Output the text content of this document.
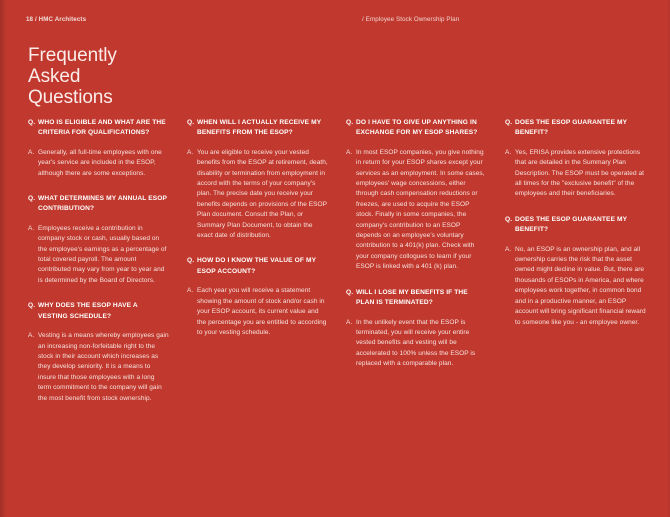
18 / HMC Architects	/ Employee Stock Ownership Plan
Frequently
Asked
Questions
Q. WHO IS ELIGIBLE AND WHAT ARE THE CRITERIA FOR QUALIFICATIONS?
A. Generally, all full-time employees with one year's service are included in the ESOP, although there are some exceptions.
Q. WHAT DETERMINES MY ANNUAL ESOP CONTRIBUTION?
A. Employees receive a contribution in company stock or cash, usually based on the employee's earnings as a percentage of total covered payroll. The amount contributed may vary from year to year and is determined by the Board of Directors.
Q. WHY DOES THE ESOP HAVE A VESTING SCHEDULE?
A. Vesting is a means whereby employees gain an increasing non-forfeitable right to the stock in their account which increases as they develop seniority. It is a means to insure that those employees with a long term commitment to the company will gain the most benefit from stock ownership.
Q. WHEN WILL I ACTUALLY RECEIVE MY BENEFITS FROM THE ESOP?
A. You are eligible to receive your vested benefits from the ESOP at retirement, death, disability or termination from employment in accord with the terms of your company's plan. The precise date you receive your benefits depends on provisions of the ESOP Plan document. Consult the Plan, or Summary Plan Document, to obtain the exact date of distribution.
Q. HOW DO I KNOW THE VALUE OF MY ESOP ACCOUNT?
A. Each year you will receive a statement showing the amount of stock and/or cash in your ESOP account, its current value and the percentage you are entitled to according to your vesting schedule.
Q. DO I HAVE TO GIVE UP ANYTHING IN EXCHANGE FOR MY ESOP SHARES?
A. In most ESOP companies, you give nothing in return for your ESOP shares except your services as an employment. In some cases, employees' wage concessions, either through cash compensation reductions or freezes, are used to acquire the ESOP stock. Finally in some companies, the company's contribution to an ESOP depends on an employee's voluntary contribution to a 401(k) plan. Check with your company collogues to learn if your ESOP is linked with a 401 (k) plan.
Q. WILL I LOSE MY BENEFITS IF THE PLAN IS TERMINATED?
A. In the unlikely event that the ESOP is terminated, you will receive your entire vested benefits and vesting will be accelerated to 100% unless the ESOP is replaced with a comparable plan.
Q. DOES THE ESOP GUARANTEE MY BENEFIT?
A. Yes, ERISA provides extensive protections that are detailed in the Summary Plan Description. The ESOP must be operated at all times for the "exclusive benefit" of the employees and their beneficiaries.
Q. DOES THE ESOP GUARANTEE MY BENEFIT?
A. No, an ESOP is an ownership plan, and all ownership carries the risk that the asset owned might decline in value. But, there are thousands of ESOPs in America, and where employees work together, in common bond and in a productive manner, an ESOP account will bring significant financial reward to someone like you - an employee owner.
